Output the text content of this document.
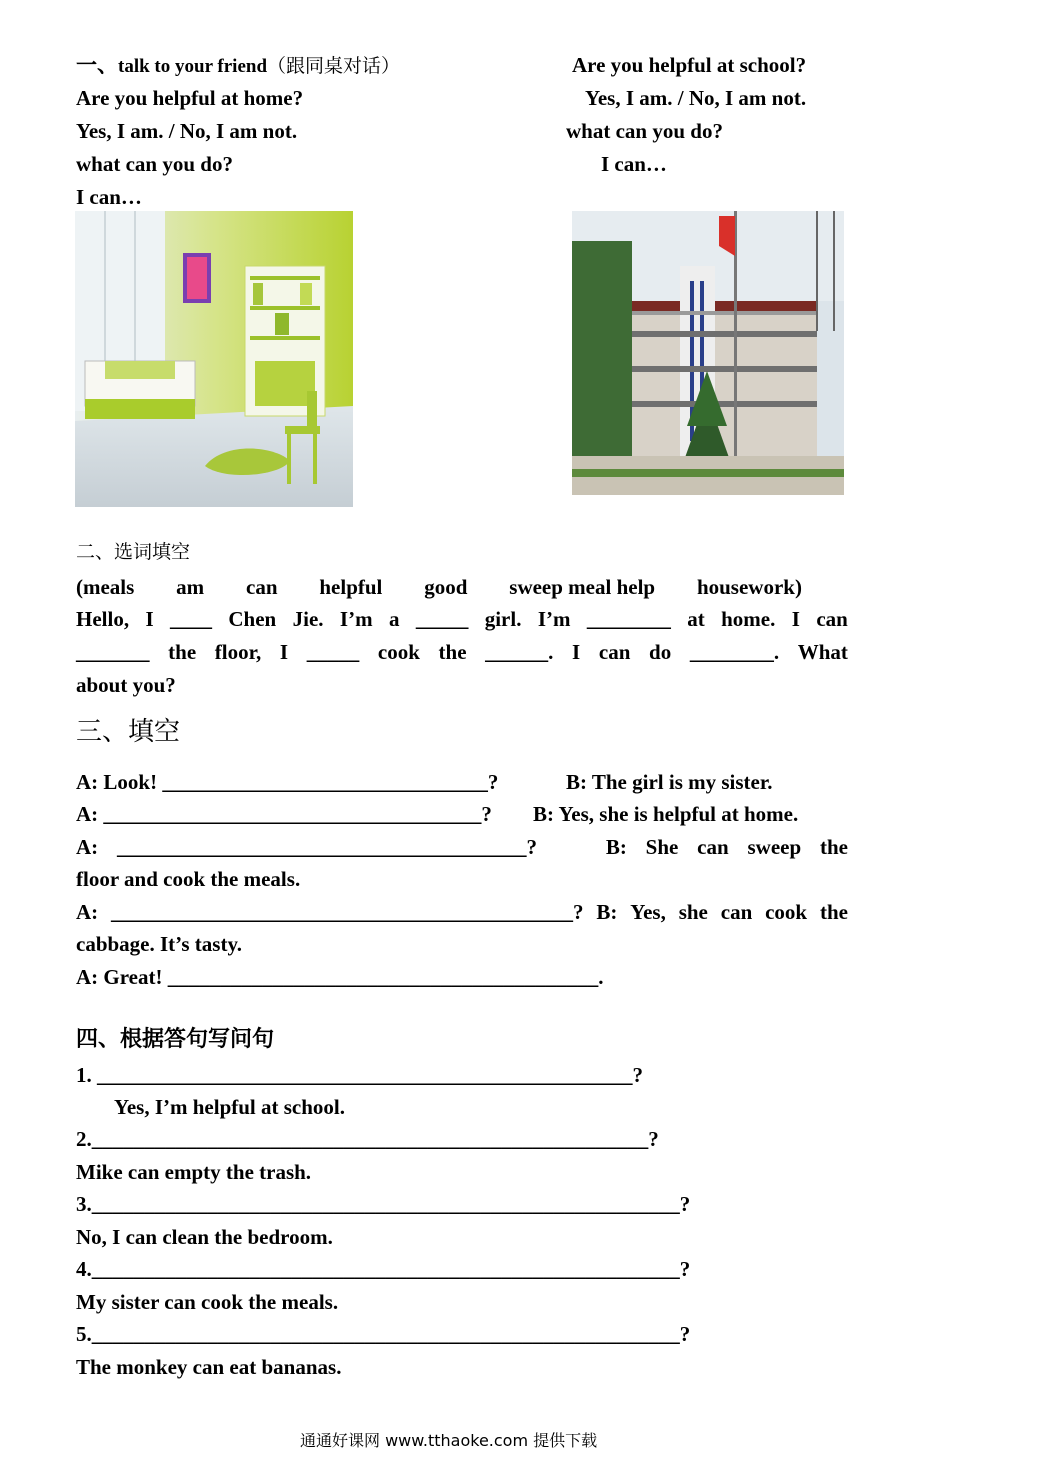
一、talk to your friend（跟同桌对话）
Are you helpful at home?
Yes, I am. / No, I am not.
what can you do?
I can…
Are you helpful at school?
Yes, I am. / No, I am not.
what can you do?
I can…
二、选词填空
(meals am can helpful good sweep meal help housework)
Hello, I ____ Chen Jie. I’m a _____ girl. I’m ________ at home. I can
_______ the floor, I _____ cook the ______. I can do ________. What
about you?
三、填空
A: Look! _______________________________?	B: The girl is my sister.
A: ____________________________________? B: Yes, she is helpful at home.
A: _______________________________________?	B: She can sweep the
floor and cook the meals.
A: ____________________________________________? B: Yes, she can cook the
cabbage. It’s tasty.
A: Great! _________________________________________.
四、根据答句写问句
1. ___________________________________________________?
Yes, I’m helpful at school.
2._____________________________________________________?
Mike can empty the trash.
3.________________________________________________________?
No, I can clean the bedroom.
4.________________________________________________________?
My sister can cook the meals.
5.________________________________________________________?
The monkey can eat bananas.
通通好课网 www.tthaoke.com 提供下载
